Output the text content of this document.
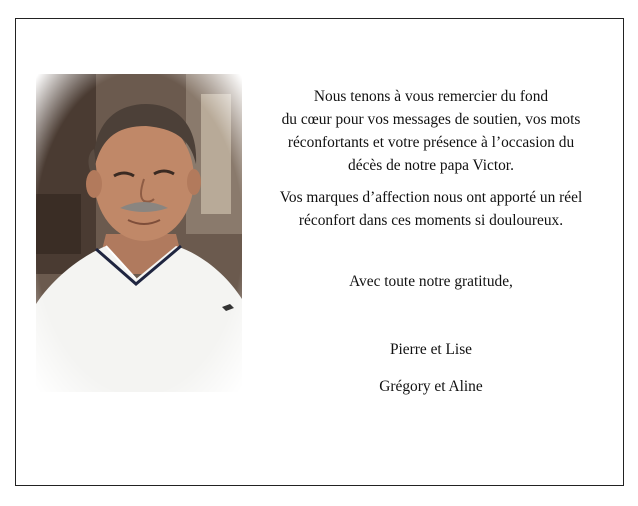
Nous tenons à vous remercier du fond
du cœur pour vos messages de soutien, vos mots
réconfortants et votre présence à l’occasion du
décès de notre papa Victor.

Vos marques d’affection nous ont apporté un réel
réconfort dans ces moments si douloureux.

Avec toute notre gratitude,

Pierre et Lise

Grégory et Aline
